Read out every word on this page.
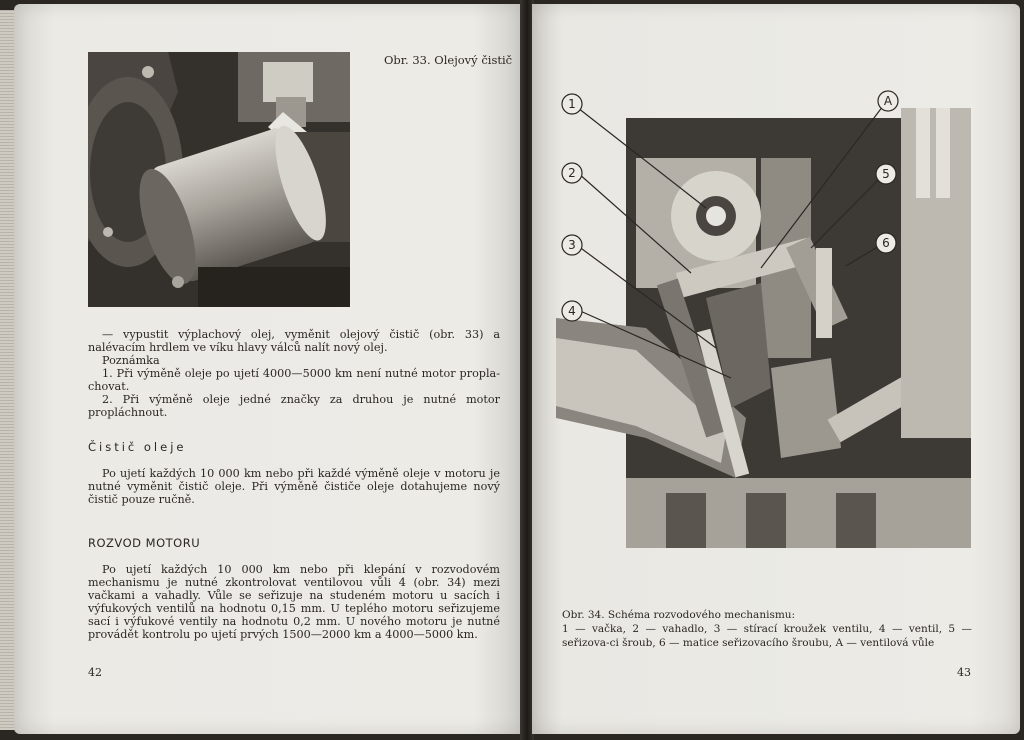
Obr. 33. Olejový čistič

— vypustit výplachový olej, vyměnit olejový čistič (obr. 33) a nalévacím hrdlem ve víku hlavy válců nalít nový olej.

Poznámka

1. Při výměně oleje po ujetí 4000—5000 km není nutné motor propla-chovat.

2. Při výměně oleje jedné značky za druhou je nutné motor propláchnout.

Čistič oleje

Po ujetí každých 10 000 km nebo při každé výměně oleje v motoru je nutné vyměnit čistič oleje. Při výměně čističe oleje dotahujeme nový čistič pouze ručně.

ROZVOD MOTORU

Po ujetí každých 10 000 km nebo při klepání v rozvodovém mechanismu je nutné zkontrolovat ventilovou vůli 4 (obr. 34) mezi vačkami a vahadly. Vůle se seřizuje na studeném motoru u sacích i výfukových ventilů na hodnotu 0,15 mm. U teplého motoru seřizujeme sací i výfukové ventily na hodnotu 0,2 mm. U nového motoru je nutné provádět kontrolu po ujetí prvých 1500—2000 km a 4000—5000 km.

42
1
2
3
4
A
5
6

Obr. 34. Schéma rozvodového mechanismu:

1 — vačka, 2 — vahadlo, 3 — stírací kroužek ventilu, 4 — ventil, 5 — seřizova-ci šroub, 6 — matice seřizovacího šroubu, A — ventilová vůle

43
